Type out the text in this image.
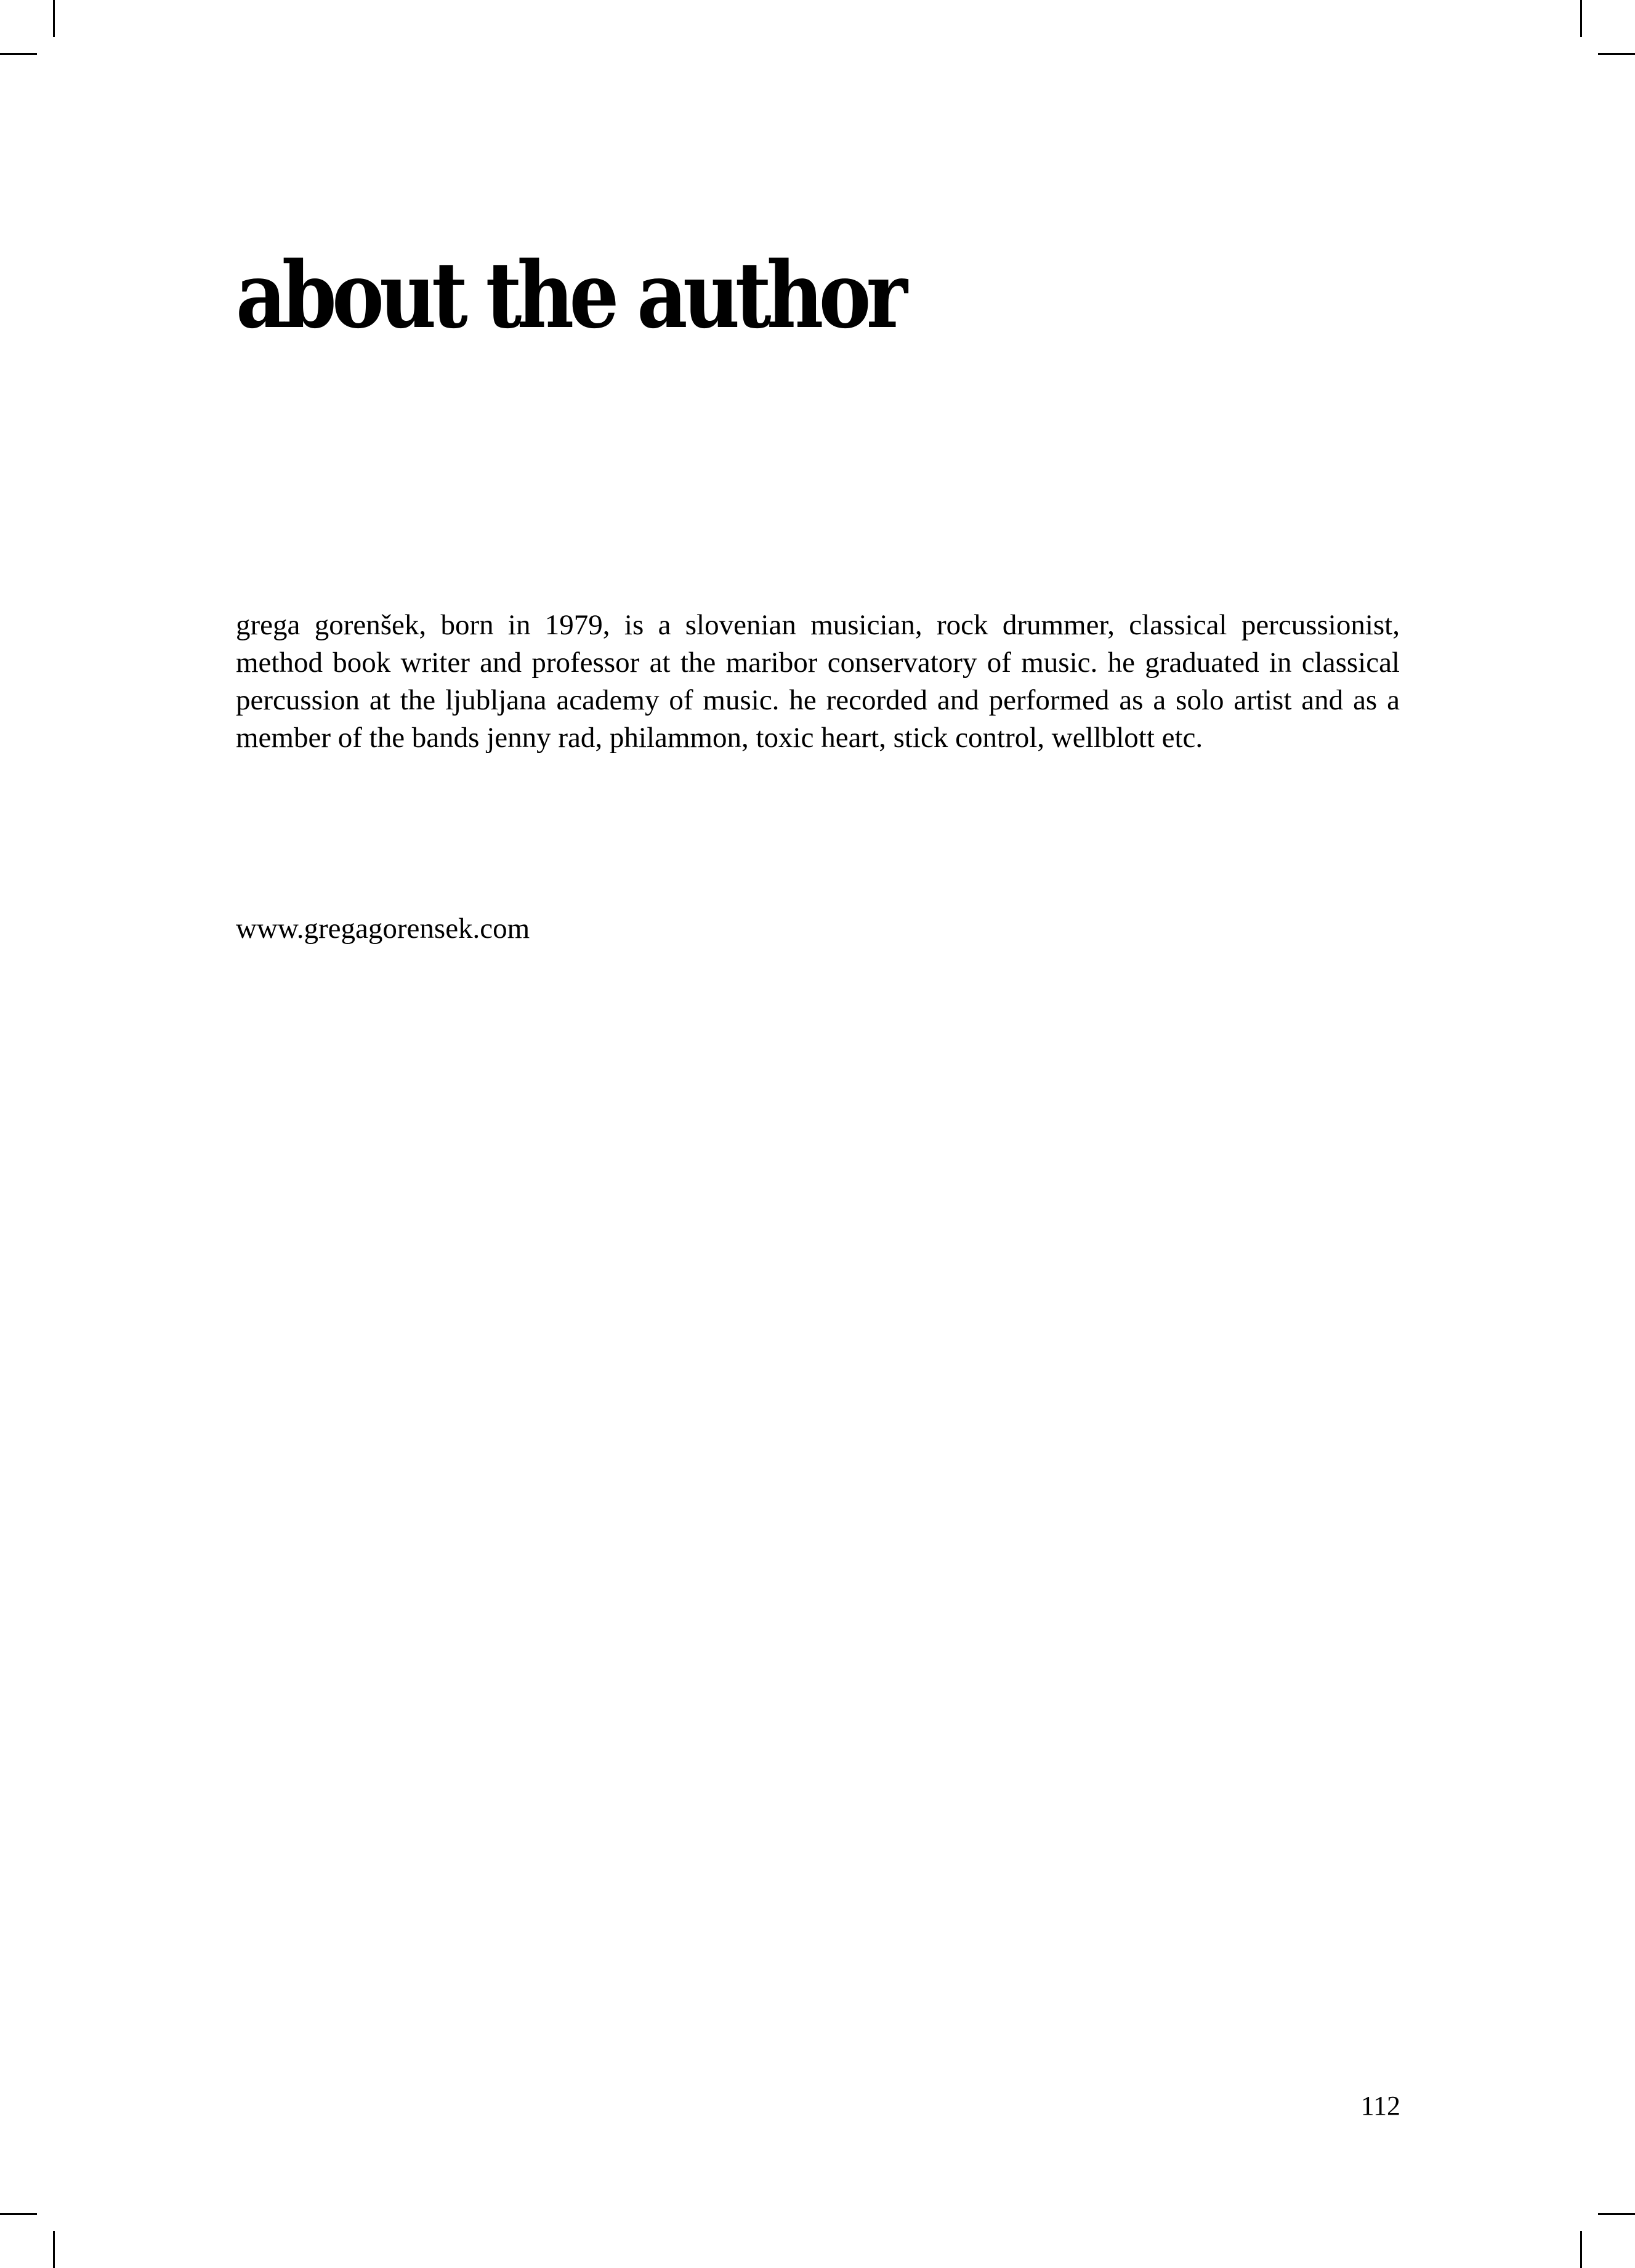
about the author

grega gorenšek, born in 1979, is a slovenian musician, rock drummer, classical percussionist, method book writer and professor at the maribor conservatory of music. he graduated in classical percussion at the ljubljana academy of music. he recorded and performed as a solo artist and as a member of the bands jenny rad, philammon, toxic heart, stick control, wellblott etc.

www.gregagorensek.com

112
